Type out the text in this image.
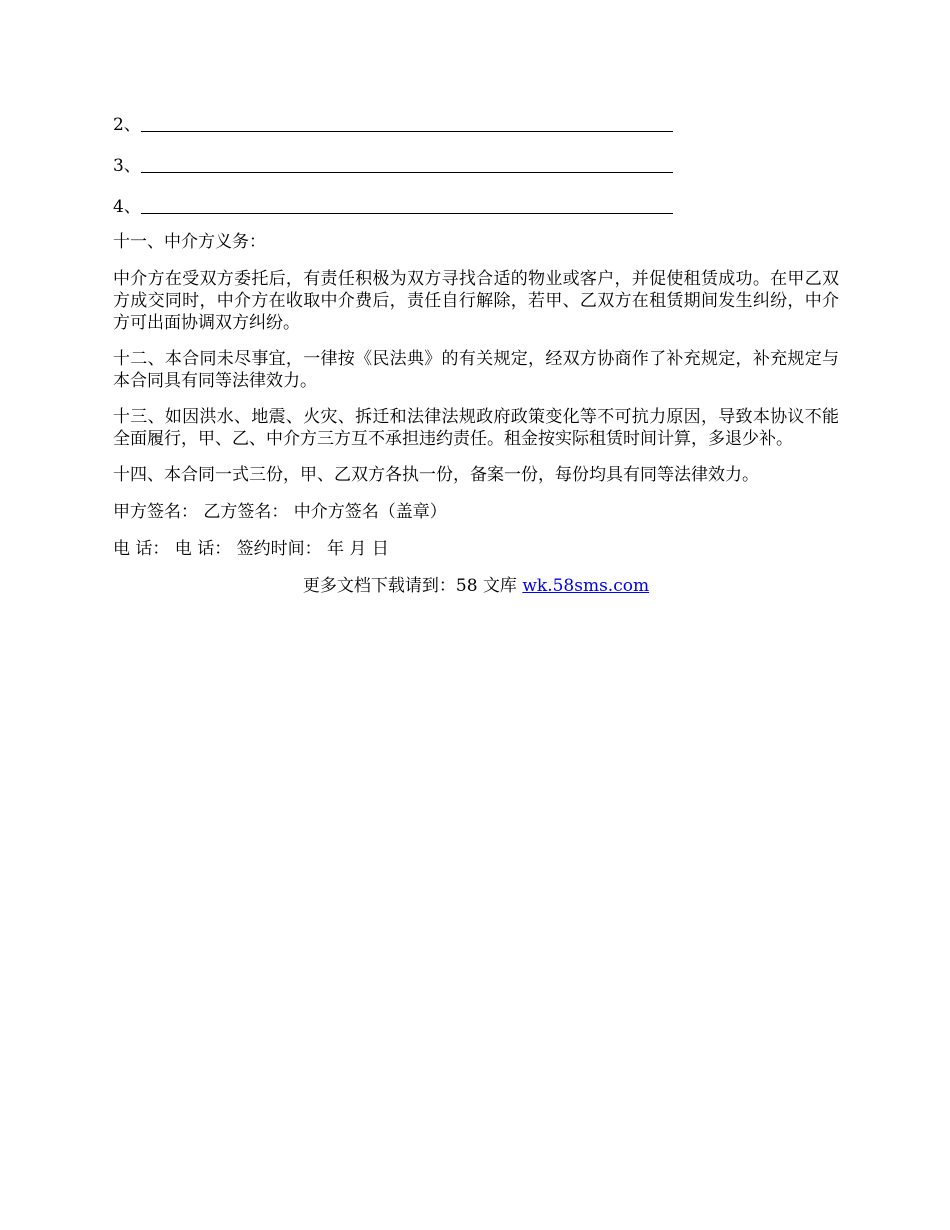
2、
3、
4、

十一、中介方义务：

中介方在受双方委托后，有责任积极为双方寻找合适的物业或客户，并促使租赁成功。在甲乙双方成交同时，中介方在收取中介费后，责任自行解除，若甲、乙双方在租赁期间发生纠纷，中介方可出面协调双方纠纷。

十二、本合同未尽事宜，一律按《民法典》的有关规定，经双方协商作了补充规定，补充规定与本合同具有同等法律效力。

十三、如因洪水、地震、火灾、拆迁和法律法规政府政策变化等不可抗力原因，导致本协议不能全面履行，甲、乙、中介方三方互不承担违约责任。租金按实际租赁时间计算，多退少补。

十四、本合同一式三份，甲、乙双方各执一份，备案一份，每份均具有同等法律效力。

甲方签名： 乙方签名： 中介方签名（盖章）

电 话： 电 话： 签约时间： 年 月 日

更多文档下载请到：58 文库 wk.58sms.com
